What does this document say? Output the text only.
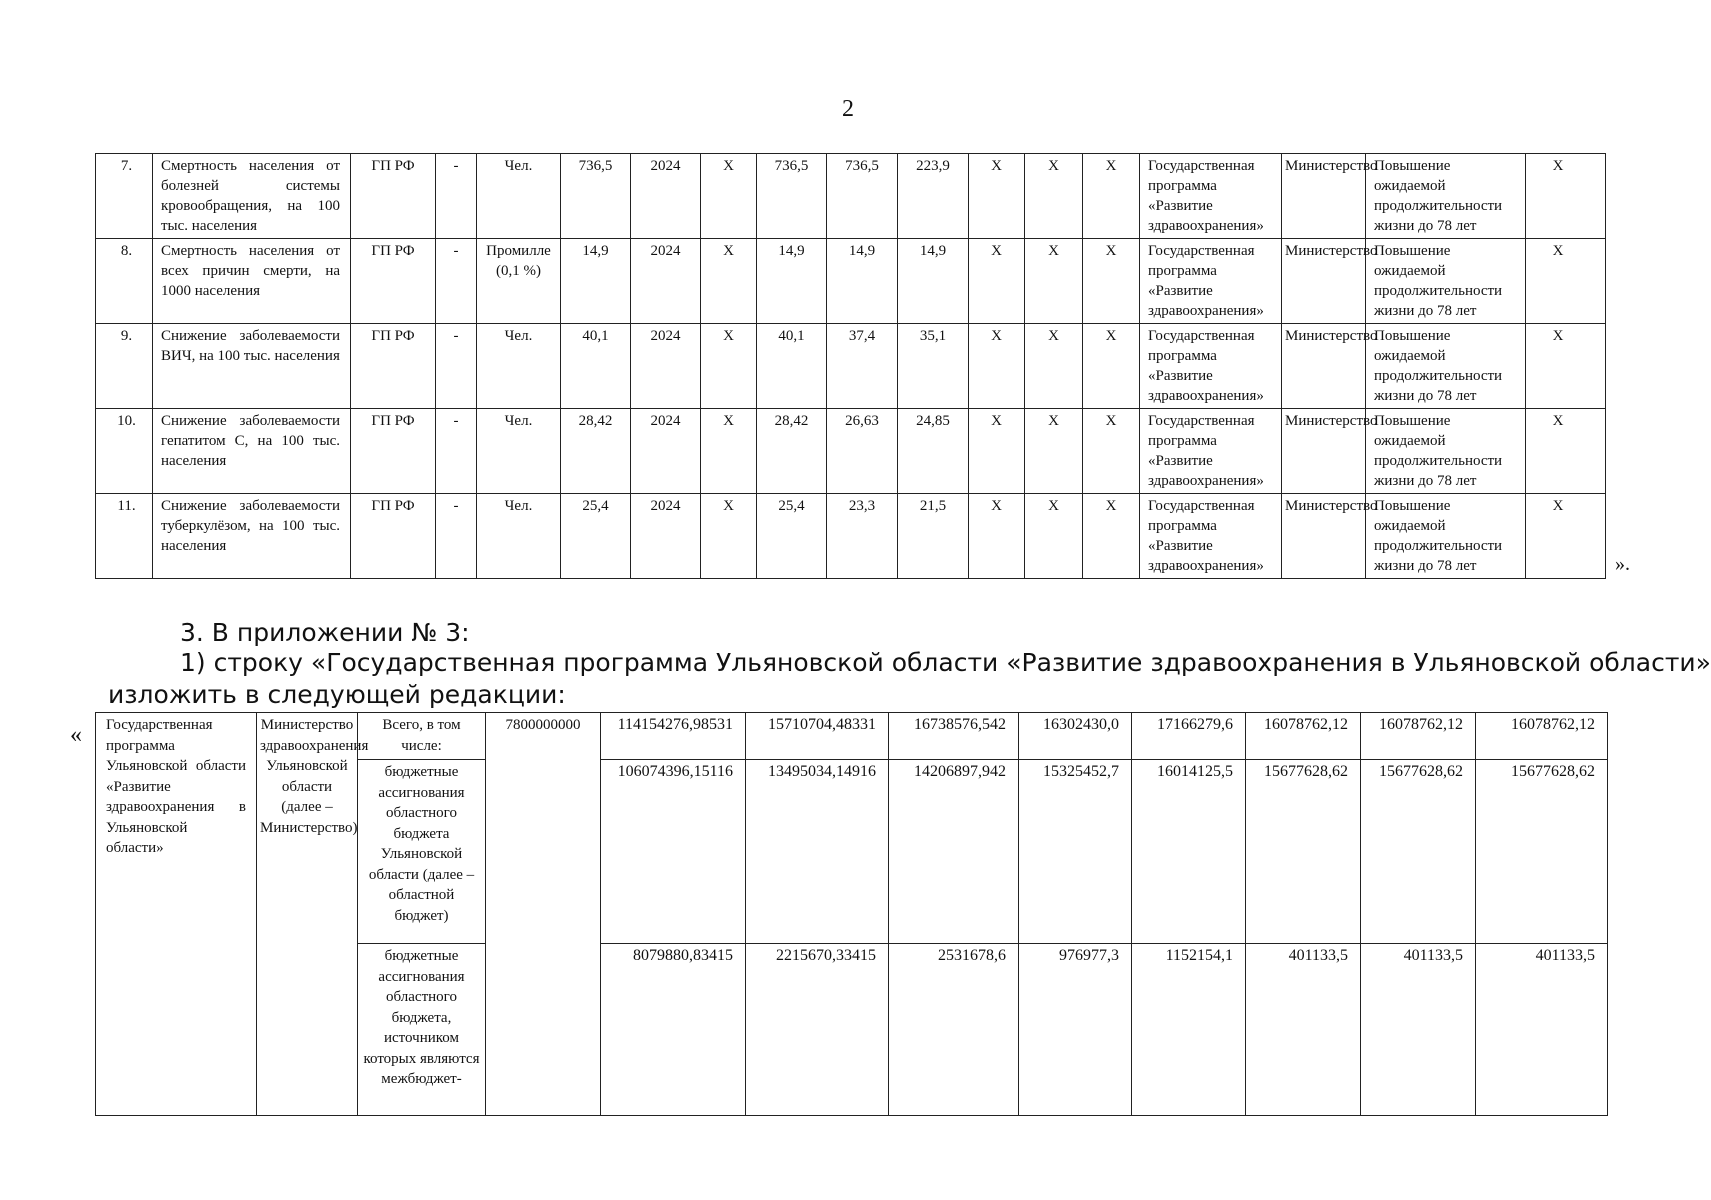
2
7.	Смертность населения от болезней системы кровообращения, на 100 тыс. населения	ГП РФ	-	Чел.	736,5	2024	Х	736,5	736,5	223,9	Х	Х	Х	Государственная программа «Развитие здравоохранения»	Министерство	Повышение ожидаемой продолжительности жизни до 78 лет	Х
8.	Смертность населения от всех причин смерти, на 1000 населения	ГП РФ	-	Промилле (0,1 %)	14,9	2024	Х	14,9	14,9	14,9	Х	Х	Х	Государственная программа «Развитие здравоохранения»	Министерство	Повышение ожидаемой продолжительности жизни до 78 лет	Х
9.	Снижение заболеваемости ВИЧ, на 100 тыс. населения	ГП РФ	-	Чел.	40,1	2024	Х	40,1	37,4	35,1	Х	Х	Х	Государственная программа «Развитие здравоохранения»	Министерство	Повышение ожидаемой продолжительности жизни до 78 лет	Х
10.	Снижение заболеваемости гепатитом С, на 100 тыс. населения	ГП РФ	-	Чел.	28,42	2024	Х	28,42	26,63	24,85	Х	Х	Х	Государственная программа «Развитие здравоохранения»	Министерство	Повышение ожидаемой продолжительности жизни до 78 лет	Х
11.	Снижение заболеваемости туберкулёзом, на 100 тыс. населения	ГП РФ	-	Чел.	25,4	2024	Х	25,4	23,3	21,5	Х	Х	Х	Государственная программа «Развитие здравоохранения»	Министерство	Повышение ожидаемой продолжительности жизни до 78 лет	Х
».
3. В приложении № 3:
1) строку «Государственная программа Ульяновской области «Развитие здравоохранения в Ульяновской области»
изложить в следующей редакции:
« Государственная программа Ульяновской области «Развитие здравоохранения в Ульяновской области»	Министерство здравоохранения Ульяновской области (далее – Министерство)	Всего, в том числе:	7800000000	114154276,98531	15710704,48331	16738576,542	16302430,0	17166279,6	16078762,12	16078762,12	16078762,12
		бюджетные ассигнования областного бюджета Ульяновской области (далее – областной бюджет)		106074396,15116	13495034,14916	14206897,942	15325452,7	16014125,5	15677628,62	15677628,62	15677628,62
		бюджетные ассигнования областного бюджета, источником которых являются межбюджет-		8079880,83415	2215670,33415	2531678,6	976977,3	1152154,1	401133,5	401133,5	401133,5
